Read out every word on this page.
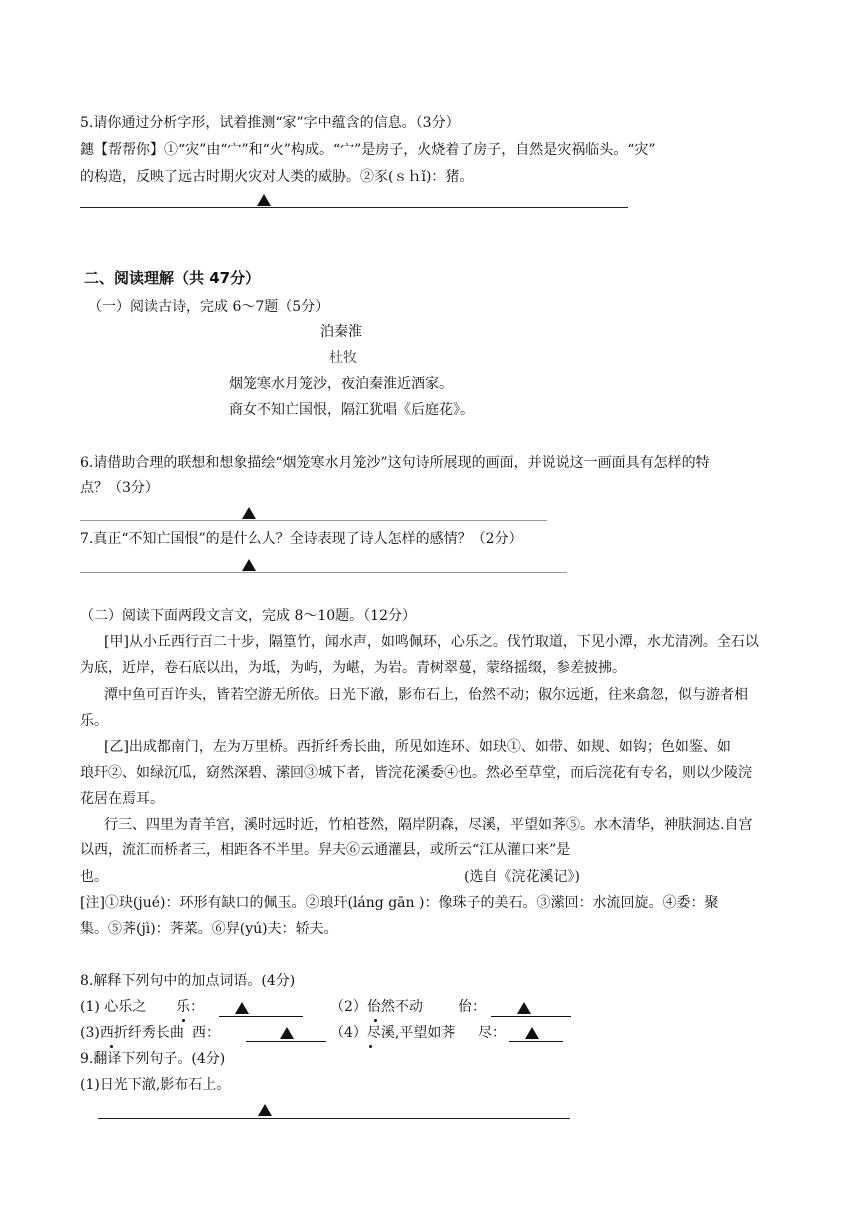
5.请你通过分析字形，试着推测“家”字中蕴含的信息。（3分）
鏸【帮帮你】①“灾”由“宀”和“火”构成。“宀”是房子，火烧着了房子，自然是灾祸临头。“灾”
的构造，反映了远古时期火灾对人类的威胁。②豕(ｓｈǐ)：猪。
二、阅读理解（共 47分）
（一）阅读古诗，完成 6～7题（5分）
泊秦淮
杜牧
烟笼寒水月笼沙，夜泊秦淮近酒家。
商女不知亡国恨，隔江犹唱《后庭花》。
6.请借助合理的联想和想象描绘“烟笼寒水月笼沙”这句诗所展现的画面，并说说这一画面具有怎样的特
点？（3分）
7.真正“不知亡国恨”的是什么人？全诗表现了诗人怎样的感情？（2分）
（二）阅读下面两段文言文，完成 8～10题。（12分）
[甲]从小丘西行百二十步，隔篁竹，闻水声，如鸣佩环，心乐之。伐竹取道，下见小潭，水尤清冽。全石以
为底，近岸，卷石底以出，为坻，为屿，为嵁，为岩。青树翠蔓，蒙络摇缀，参差披拂。
潭中鱼可百许头，皆若空游无所依。日光下澈，影布石上，佁然不动；俶尔远逝，往来翕忽，似与游者相
乐。
[乙]出成都南门，左为万里桥。西折纤秀长曲，所见如连环、如玦①、如带、如规、如钩；色如鉴、如
琅玕②、如绿沉瓜，窈然深碧、潆回③城下者，皆浣花溪委④也。然必至草堂，而后浣花有专名，则以少陵浣
花居在焉耳。
行三、四里为青羊宫，溪时远时近，竹柏苍然，隔岸阴森，尽溪，平望如荠⑤。水木清华，神肤洞达.自宫
以西，流汇而桥者三，相距各不半里。舁夫⑥云通灌县，或所云“江从灌口来”是
也。	(选自《浣花溪记》)
[注]①玦(jué)：环形有缺口的佩玉。②琅玕(láng gān )：像珠子的美石。③潆回：水流回旋。④委：聚
集。⑤荠(jì)：荠菜。⑥舁(yú)夫：轿夫。
8.解释下列句中的加点词语。(4分)
(1) 心乐之 乐：	（2）佁然不动	佁：
(3)西折纤秀长曲 西：	（4）尽溪,平望如荠 尽：
9.翻译下列句子。(4分)
(1)日光下澈,影布石上。
